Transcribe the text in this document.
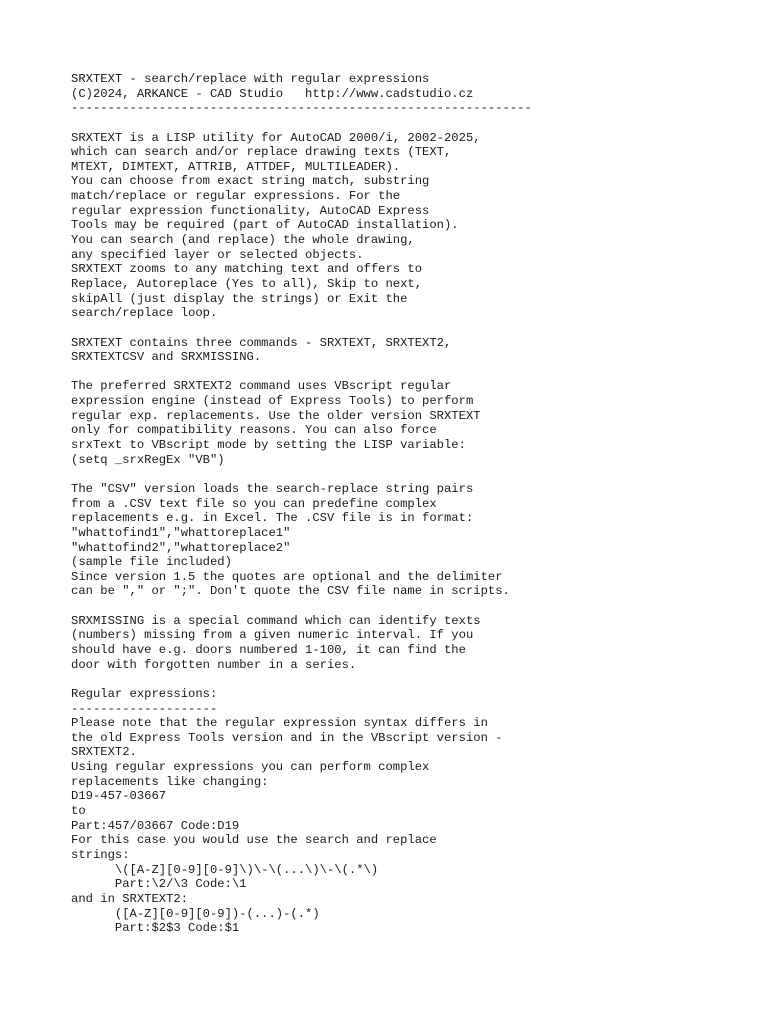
SRXTEXT - search/replace with regular expressions
(C)2024, ARKANCE - CAD Studio   http://www.cadstudio.cz
---------------------------------------------------------------
SRXTEXT is a LISP utility for AutoCAD 2000/i, 2002-2025,
which can search and/or replace drawing texts (TEXT,
MTEXT, DIMTEXT, ATTRIB, ATTDEF, MULTILEADER).
You can choose from exact string match, substring
match/replace or regular expressions. For the
regular expression functionality, AutoCAD Express
Tools may be required (part of AutoCAD installation).
You can search (and replace) the whole drawing,
any specified layer or selected objects.
SRXTEXT zooms to any matching text and offers to
Replace, Autoreplace (Yes to all), Skip to next,
skipAll (just display the strings) or Exit the
search/replace loop.
SRXTEXT contains three commands - SRXTEXT, SRXTEXT2,
SRXTEXTCSV and SRXMISSING.
The preferred SRXTEXT2 command uses VBscript regular
expression engine (instead of Express Tools) to perform
regular exp. replacements. Use the older version SRXTEXT
only for compatibility reasons. You can also force
srxText to VBscript mode by setting the LISP variable:
(setq _srxRegEx "VB")
The "CSV" version loads the search-replace string pairs
from a .CSV text file so you can predefine complex
replacements e.g. in Excel. The .CSV file is in format:
"whattofind1","whattoreplace1"
"whattofind2","whattoreplace2"
(sample file included)
Since version 1.5 the quotes are optional and the delimiter
can be "," or ";". Don't quote the CSV file name in scripts.
SRXMISSING is a special command which can identify texts
(numbers) missing from a given numeric interval. If you
should have e.g. doors numbered 1-100, it can find the
door with forgotten number in a series.
Regular expressions:
--------------------
Please note that the regular expression syntax differs in
the old Express Tools version and in the VBscript version -
SRXTEXT2.
Using regular expressions you can perform complex
replacements like changing:
D19-457-03667
to
Part:457/03667 Code:D19
For this case you would use the search and replace
strings:
\([A-Z][0-9][0-9]\)\-\(...\)\-\(.*\)
Part:\2/\3 Code:\1
and in SRXTEXT2:
([A-Z][0-9][0-9])-(...)-(.*)
Part:$2$3 Code:$1
